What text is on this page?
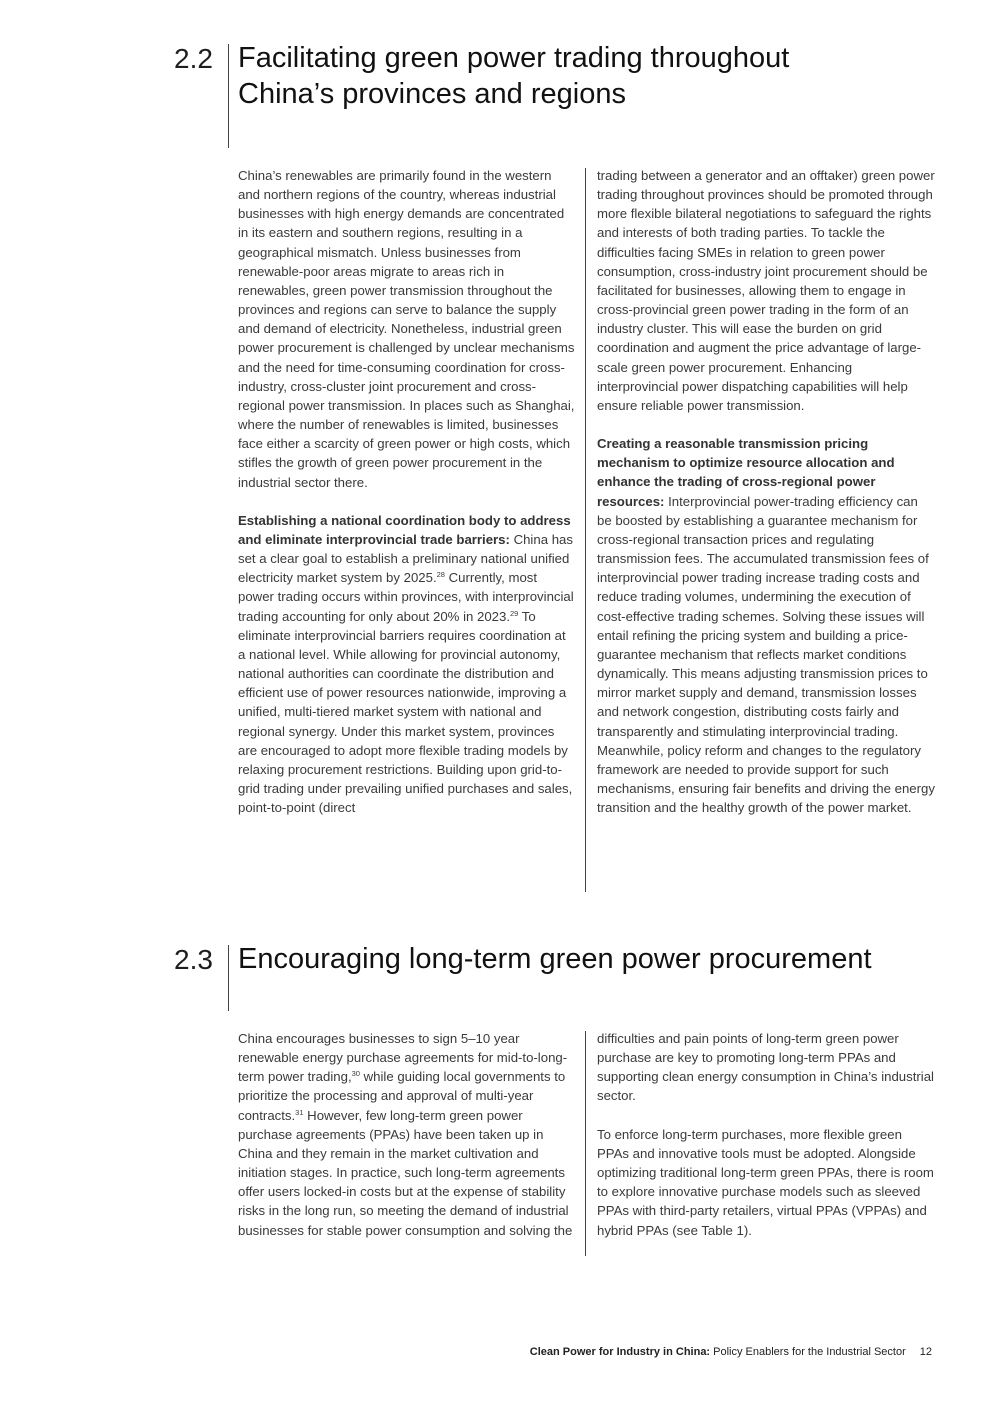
2.2 Facilitating green power trading throughout
China’s provinces and regions

China’s renewables are primarily found in the western and northern regions of the country, whereas industrial businesses with high energy demands are concentrated in its eastern and southern regions, resulting in a geographical mismatch. Unless businesses from renewable-poor areas migrate to areas rich in renewables, green power transmission throughout the provinces and regions can serve to balance the supply and demand of electricity. Nonetheless, industrial green power procurement is challenged by unclear mechanisms and the need for time-consuming coordination for cross-industry, cross-cluster joint procurement and cross-regional power transmission. In places such as Shanghai, where the number of renewables is limited, businesses face either a scarcity of green power or high costs, which stifles the growth of green power procurement in the industrial sector there.

Establishing a national coordination body to address and eliminate interprovincial trade barriers: China has set a clear goal to establish a preliminary national unified electricity market system by 2025.28 Currently, most power trading occurs within provinces, with interprovincial trading accounting for only about 20% in 2023.29 To eliminate interprovincial barriers requires coordination at a national level. While allowing for provincial autonomy, national authorities can coordinate the distribution and efficient use of power resources nationwide, improving a unified, multi-tiered market system with national and regional synergy. Under this market system, provinces are encouraged to adopt more flexible trading models by relaxing procurement restrictions. Building upon grid-to-grid trading under prevailing unified purchases and sales, point-to-point (direct

trading between a generator and an offtaker) green power trading throughout provinces should be promoted through more flexible bilateral negotiations to safeguard the rights and interests of both trading parties. To tackle the difficulties facing SMEs in relation to green power consumption, cross-industry joint procurement should be facilitated for businesses, allowing them to engage in cross-provincial green power trading in the form of an industry cluster. This will ease the burden on grid coordination and augment the price advantage of large-scale green power procurement. Enhancing interprovincial power dispatching capabilities will help ensure reliable power transmission.

Creating a reasonable transmission pricing mechanism to optimize resource allocation and enhance the trading of cross-regional power resources: Interprovincial power-trading efficiency can be boosted by establishing a guarantee mechanism for cross-regional transaction prices and regulating transmission fees. The accumulated transmission fees of interprovincial power trading increase trading costs and reduce trading volumes, undermining the execution of cost-effective trading schemes. Solving these issues will entail refining the pricing system and building a price-guarantee mechanism that reflects market conditions dynamically. This means adjusting transmission prices to mirror market supply and demand, transmission losses and network congestion, distributing costs fairly and transparently and stimulating interprovincial trading. Meanwhile, policy reform and changes to the regulatory framework are needed to provide support for such mechanisms, ensuring fair benefits and driving the energy transition and the healthy growth of the power market.

2.3 Encouraging long-term green power procurement

China encourages businesses to sign 5–10 year renewable energy purchase agreements for mid-to-long-term power trading,$^{30}$ while guiding local governments to prioritize the processing and approval of multi-year contracts.$^{31}$ However, few long-term green power purchase agreements (PPAs) have been taken up in China and they remain in the market cultivation and initiation stages. In practice, such long-term agreements offer users locked-in costs but at the expense of stability risks in the long run, so meeting the demand of industrial businesses for stable power consumption and solving the

difficulties and pain points of long-term green power purchase are key to promoting long-term PPAs and supporting clean energy consumption in China’s industrial sector.

To enforce long-term purchases, more flexible green PPAs and innovative tools must be adopted. Alongside optimizing traditional long-term green PPAs, there is room to explore innovative purchase models such as sleeved PPAs with third-party retailers, virtual PPAs (VPPAs) and hybrid PPAs (see Table 1).

Clean Power for Industry in China: Policy Enablers for the Industrial Sector 12
